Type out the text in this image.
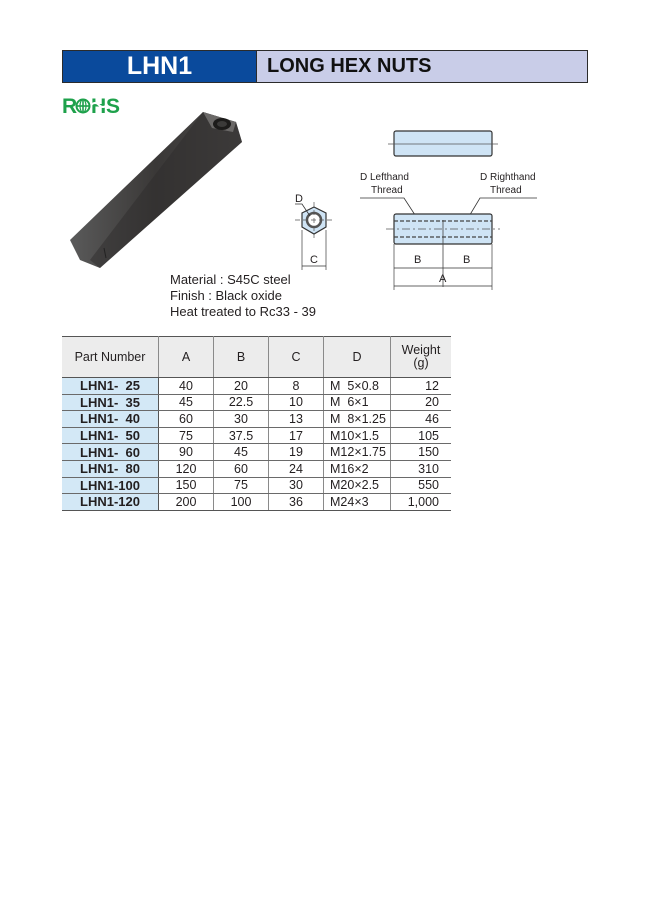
LHN1	LONG HEX NUTS
R H S
Material : S45C steel
Finish : Black oxide
Heat treated to Rc33 - 39
D
C
D Lefthand
Thread
D Righthand
Thread
B	B
A
Part Number	A	B	C	D	Weight
(g)
LHN1-  25	40	20	8	M  5×0.8	12
LHN1-  35	45	22.5	10	M  6×1	20
LHN1-  40	60	30	13	M  8×1.25	46
LHN1-  50	75	37.5	17	M10×1.5	105
LHN1-  60	90	45	19	M12×1.75	150
LHN1-  80	120	60	24	M16×2	310
LHN1-100	150	75	30	M20×2.5	550
LHN1-120	200	100	36	M24×3	1,000
